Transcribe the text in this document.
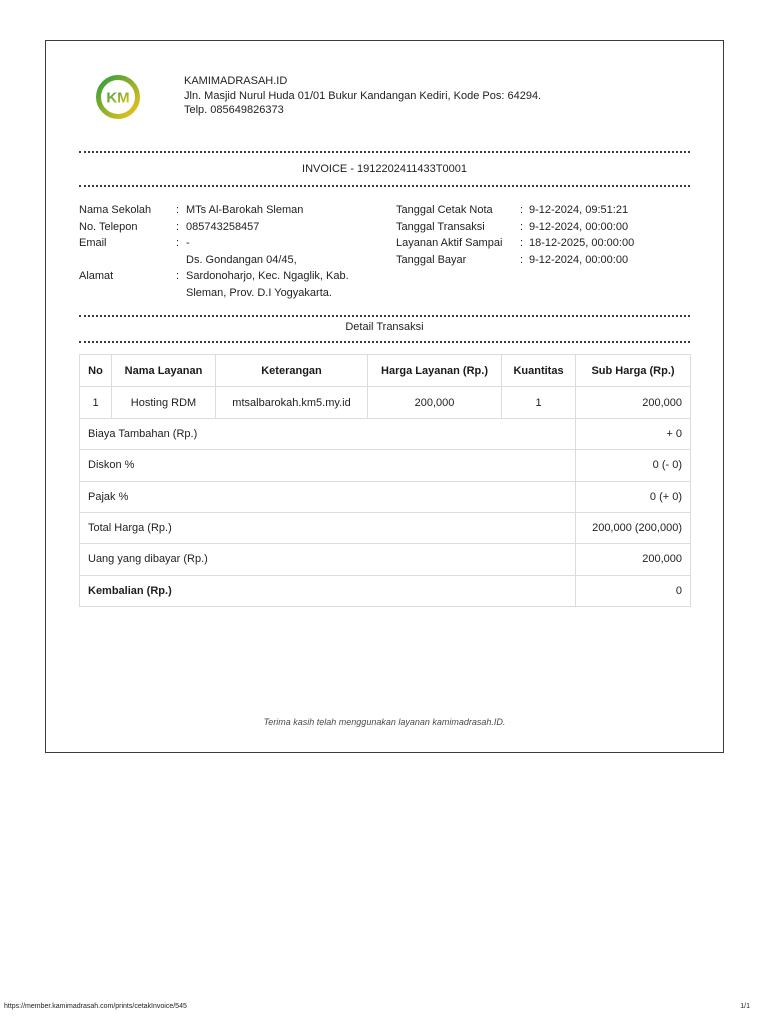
KM
KAMIMADRASAH.ID
Jln. Masjid Nurul Huda 01/01 Bukur Kandangan Kediri, Kode Pos: 64294.
Telp. 085649826373
INVOICE - 1912202411433T0001
Nama Sekolah	:	MTs Al-Barokah Sleman
No. Telepon	:	085743258457
Email	:	-
Alamat	:	Ds. Gondangan 04/45,
Sardonoharjo, Kec. Ngaglik, Kab.
Sleman, Prov. D.I Yogyakarta.
Tanggal Cetak Nota	:	9-12-2024, 09:51:21
Tanggal Transaksi	:	9-12-2024, 00:00:00
Layanan Aktif Sampai	:	18-12-2025, 00:00:00
Tanggal Bayar	:	9-12-2024, 00:00:00
Detail Transaksi
No	Nama Layanan	Keterangan	Harga Layanan (Rp.)	Kuantitas	Sub Harga (Rp.)
1	Hosting RDM	mtsalbarokah.km5.my.id	200,000	1	200,000
Biaya Tambahan (Rp.)					+ 0
Diskon %					0 (- 0)
Pajak %					0 (+ 0)
Total Harga (Rp.)					200,000 (200,000)
Uang yang dibayar (Rp.)					200,000
Kembalian (Rp.)					0
Terima kasih telah menggunakan layanan kamimadrasah.ID.
https://member.kamimadrasah.com/prints/cetakInvoice/545	1/1
